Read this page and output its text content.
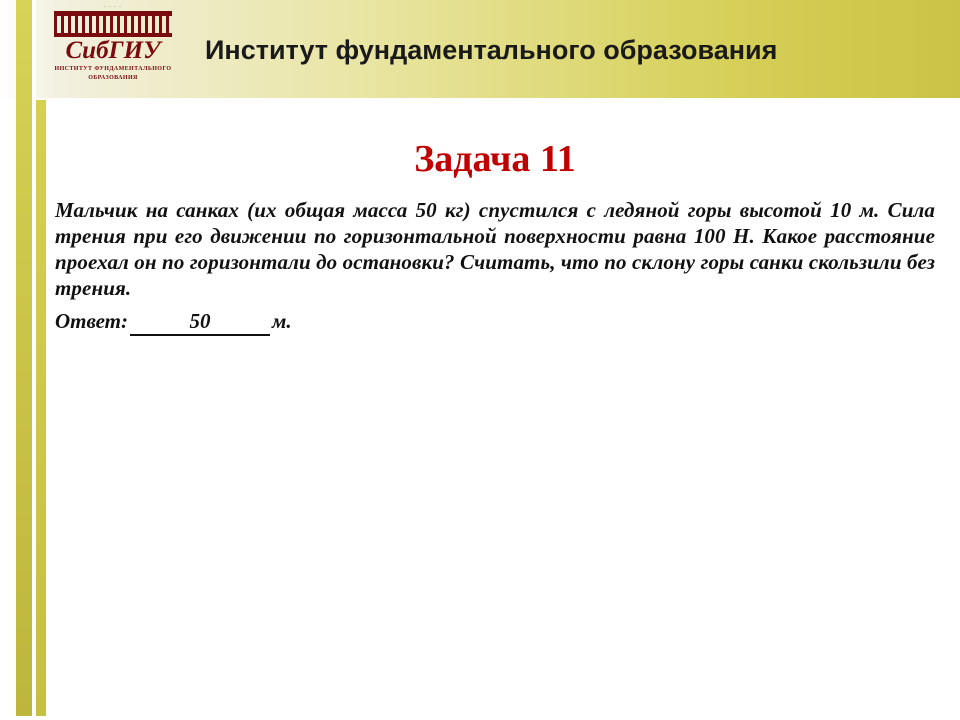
· · · ·
СибГИУ
ИНСТИТУТ ФУНДАМЕНТАЛЬНОГО
ОБРАЗОВАНИЯ
Институт фундаментального образования
Задача 11
Мальчик на санках (их общая масса 50 кг) спустился с ледяной горы высотой 10 м. Сила трения при его движении по горизонтальной поверхности равна 100 Н. Какое расстояние проехал он по горизонтали до остановки? Считать, что по склону горы санки скользили без трения.
Ответ:	50	м.
